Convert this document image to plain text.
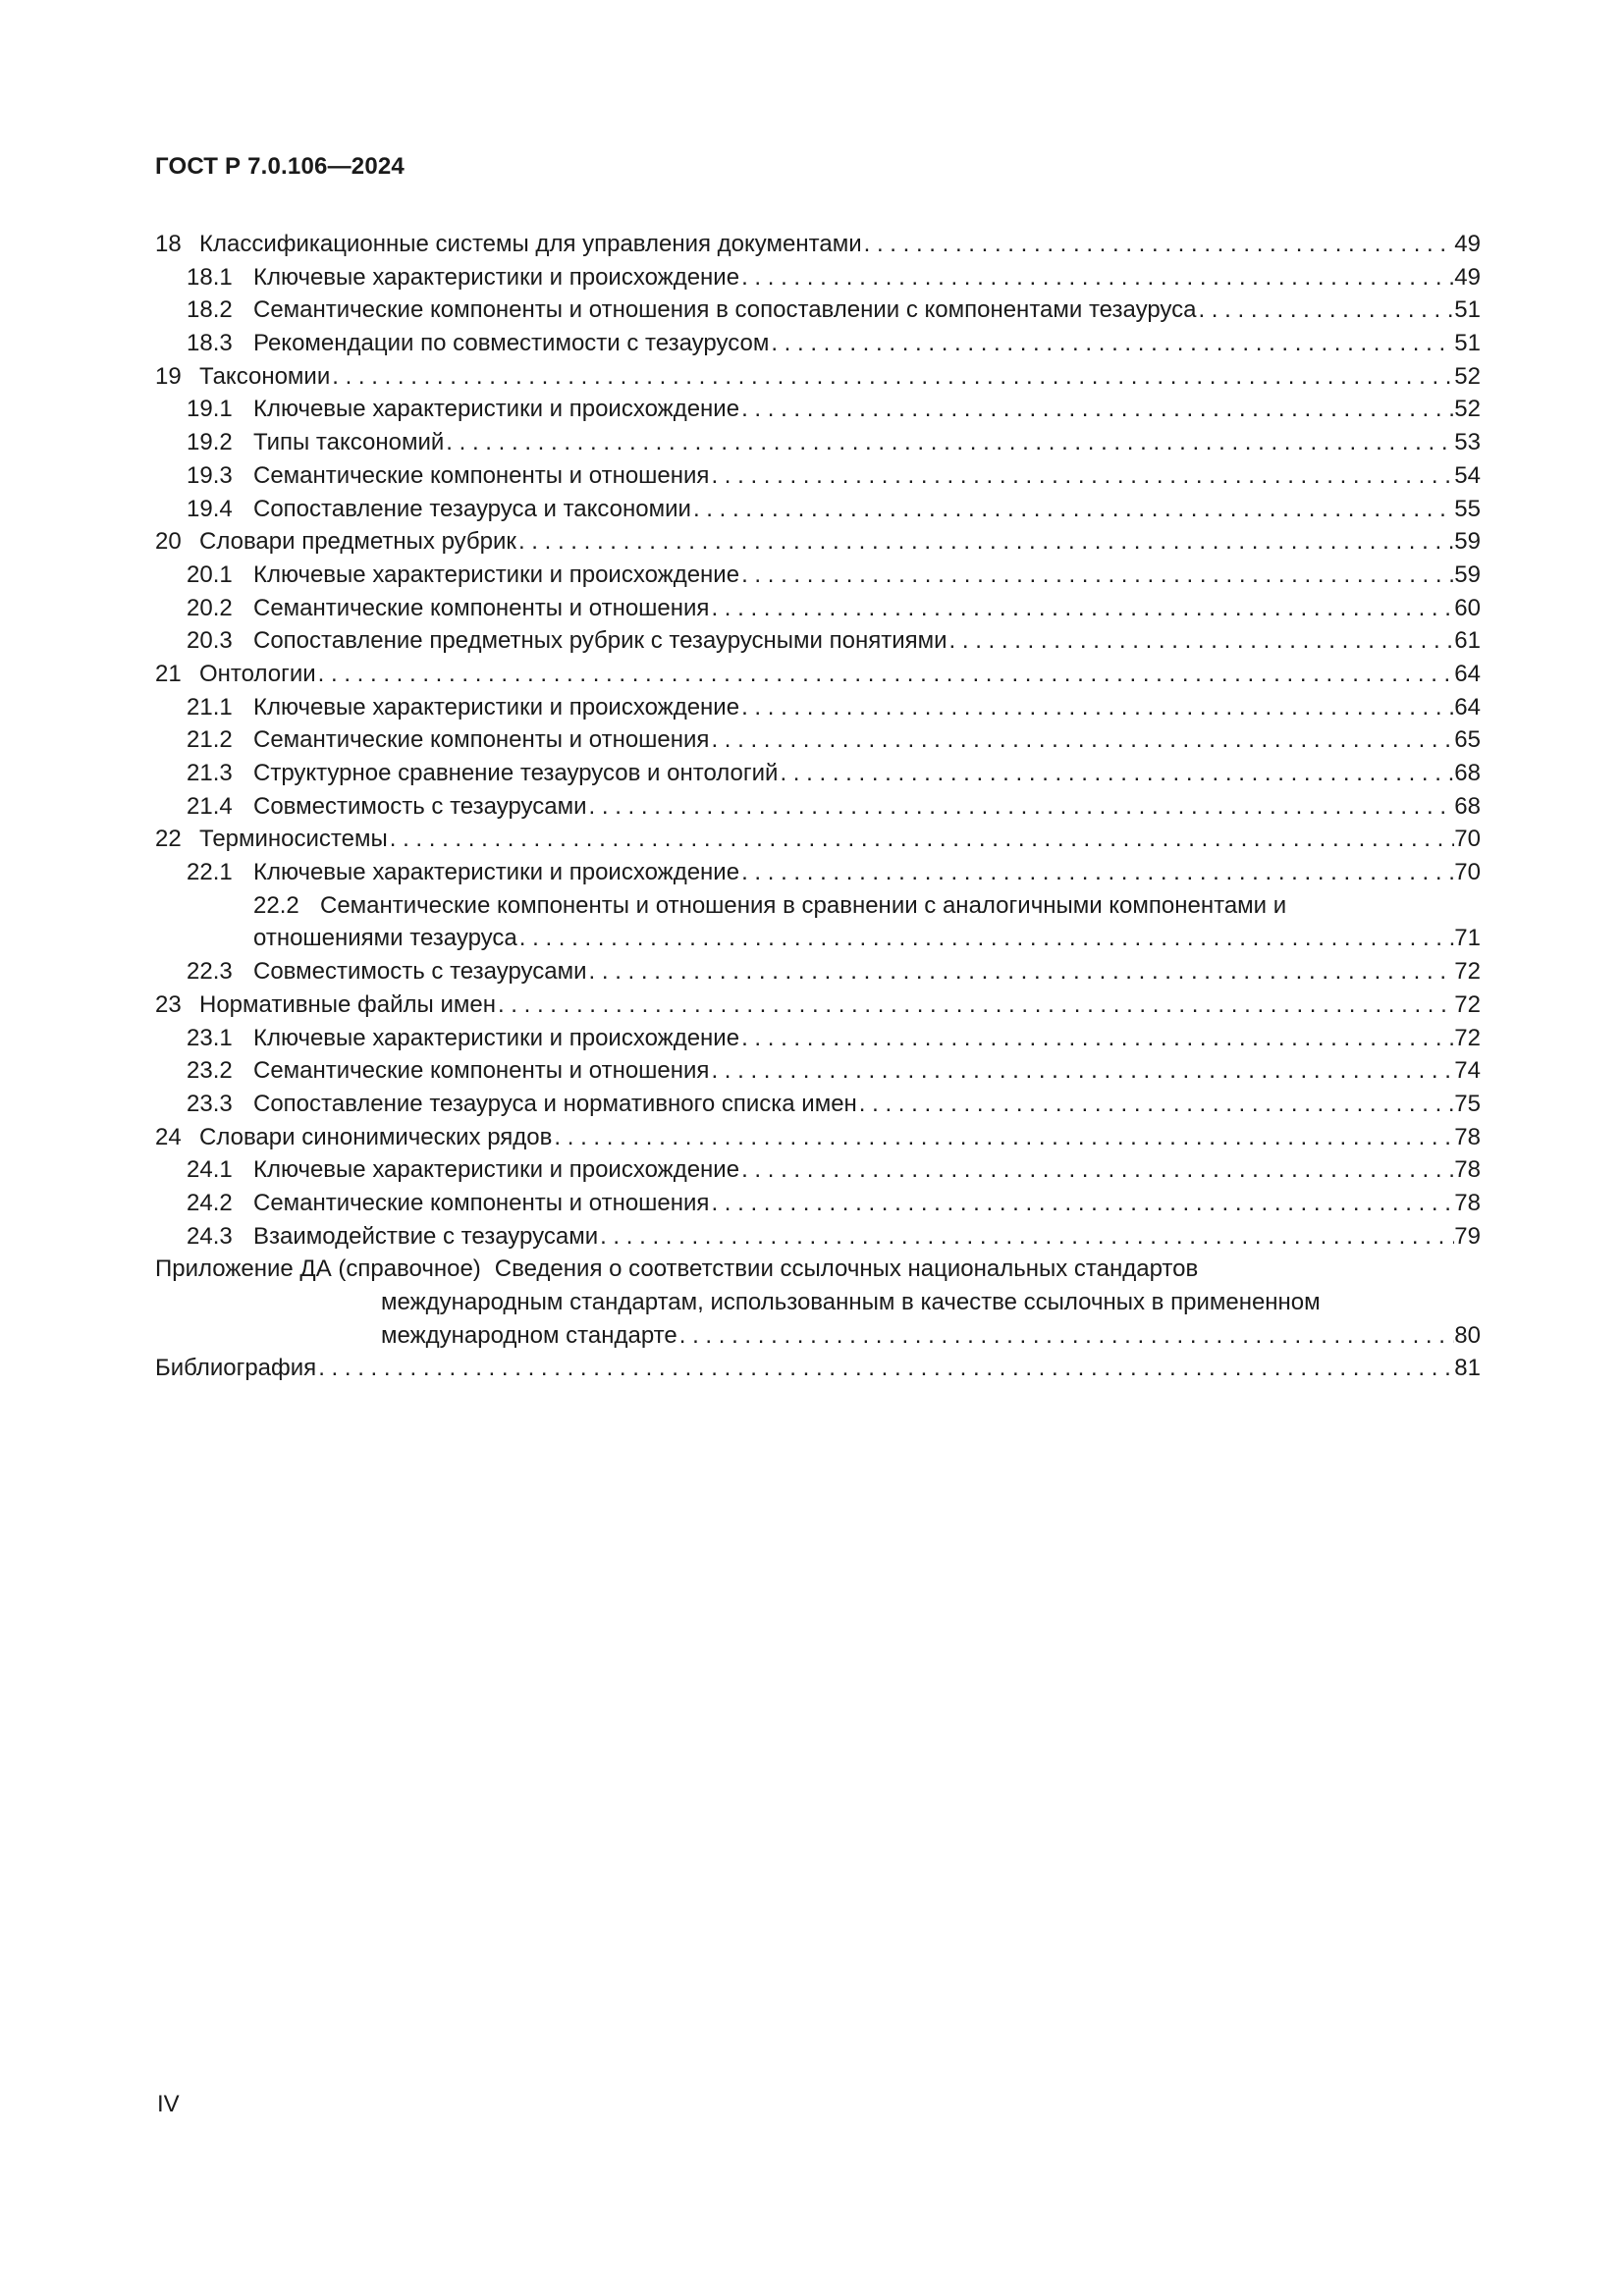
ГОСТ Р 7.0.106—2024
18 Классификационные системы для управления документами . . .	49
18.1 Ключевые характеристики и происхождение . . .	49
18.2 Семантические компоненты и отношения в сопоставлении с компонентами тезауруса . . .	51
18.3 Рекомендации по совместимости с тезаурусом . . .	51
19 Таксономии . . .	52
19.1 Ключевые характеристики и происхождение . . .	52
19.2 Типы таксономий . . .	53
19.3 Семантические компоненты и отношения . . .	54
19.4 Сопоставление тезауруса и таксономии . . .	55
20 Словари предметных рубрик . . .	59
20.1 Ключевые характеристики и происхождение . . .	59
20.2 Семантические компоненты и отношения . . .	60
20.3 Сопоставление предметных рубрик с тезаурусными понятиями . . .	61
21 Онтологии . . .	64
21.1 Ключевые характеристики и происхождение . . .	64
21.2 Семантические компоненты и отношения . . .	65
21.3 Структурное сравнение тезаурусов и онтологий . . .	68
21.4 Совместимость с тезаурусами . . .	68
22 Терминосистемы . . .	70
22.1 Ключевые характеристики и происхождение . . .	70
22.2 Семантические компоненты и отношения в сравнении с аналогичными компонентами и
отношениями тезауруса . . .	71
22.3 Совместимость с тезаурусами . . .	72
23 Нормативные файлы имен . . .	72
23.1 Ключевые характеристики и происхождение . . .	72
23.2 Семантические компоненты и отношения . . .	74
23.3 Сопоставление тезауруса и нормативного списка имен . . .	75
24 Словари синонимических рядов . . .	78
24.1 Ключевые характеристики и происхождение . . .	78
24.2 Семантические компоненты и отношения . . .	78
24.3 Взаимодействие с тезаурусами . . .	79
Приложение ДА (справочное) Сведения о соответствии ссылочных национальных стандартов
международным стандартам, использованным в качестве ссылочных в примененном
международном стандарте . . .	80
Библиография . . .	81
IV
